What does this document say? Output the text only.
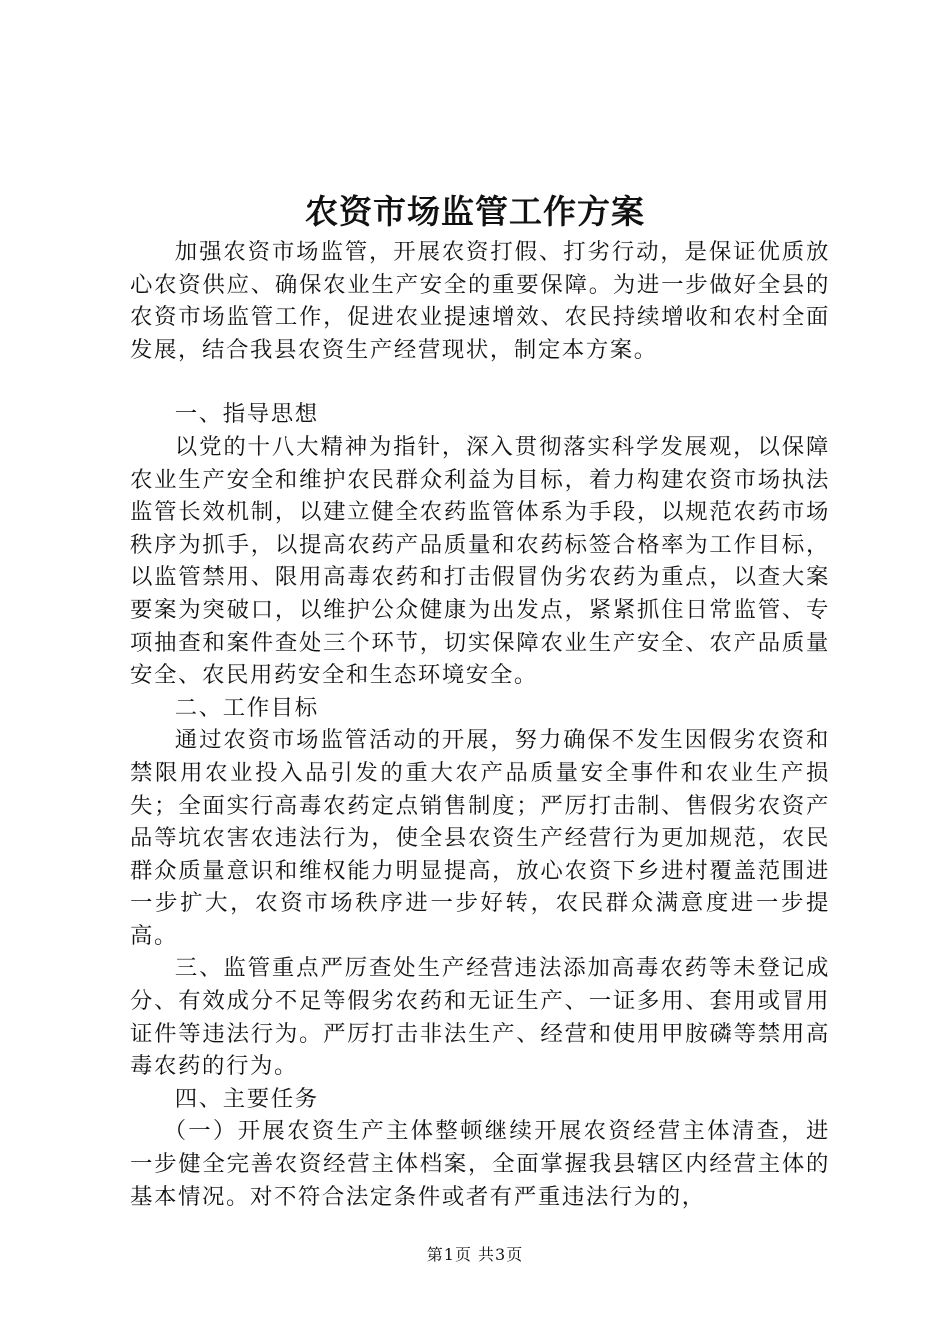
农资市场监管工作方案

加强农资市场监管，开展农资打假、打劣行动，是保证优质放心农资供应、确保农业生产安全的重要保障。为进一步做好全县的农资市场监管工作，促进农业提速增效、农民持续增收和农村全面发展，结合我县农资生产经营现状，制定本方案。

一、指导思想

以党的十八大精神为指针，深入贯彻落实科学发展观，以保障农业生产安全和维护农民群众利益为目标，着力构建农资市场执法监管长效机制，以建立健全农药监管体系为手段，以规范农药市场秩序为抓手，以提高农药产品质量和农药标签合格率为工作目标，以监管禁用、限用高毒农药和打击假冒伪劣农药为重点，以查大案要案为突破口，以维护公众健康为出发点，紧紧抓住日常监管、专项抽查和案件查处三个环节，切实保障农业生产安全、农产品质量安全、农民用药安全和生态环境安全。

二、工作目标

通过农资市场监管活动的开展，努力确保不发生因假劣农资和禁限用农业投入品引发的重大农产品质量安全事件和农业生产损失；全面实行高毒农药定点销售制度；严厉打击制、售假劣农资产品等坑农害农违法行为，使全县农资生产经营行为更加规范，农民群众质量意识和维权能力明显提高，放心农资下乡进村覆盖范围进一步扩大，农资市场秩序进一步好转，农民群众满意度进一步提高。

三、监管重点严厉查处生产经营违法添加高毒农药等未登记成分、有效成分不足等假劣农药和无证生产、一证多用、套用或冒用证件等违法行为。严厉打击非法生产、经营和使用甲胺磷等禁用高毒农药的行为。

四、主要任务

（一）开展农资生产主体整顿继续开展农资经营主体清查，进一步健全完善农资经营主体档案，全面掌握我县辖区内经营主体的基本情况。对不符合法定条件或者有严重违法行为的，

第1页 共3页
